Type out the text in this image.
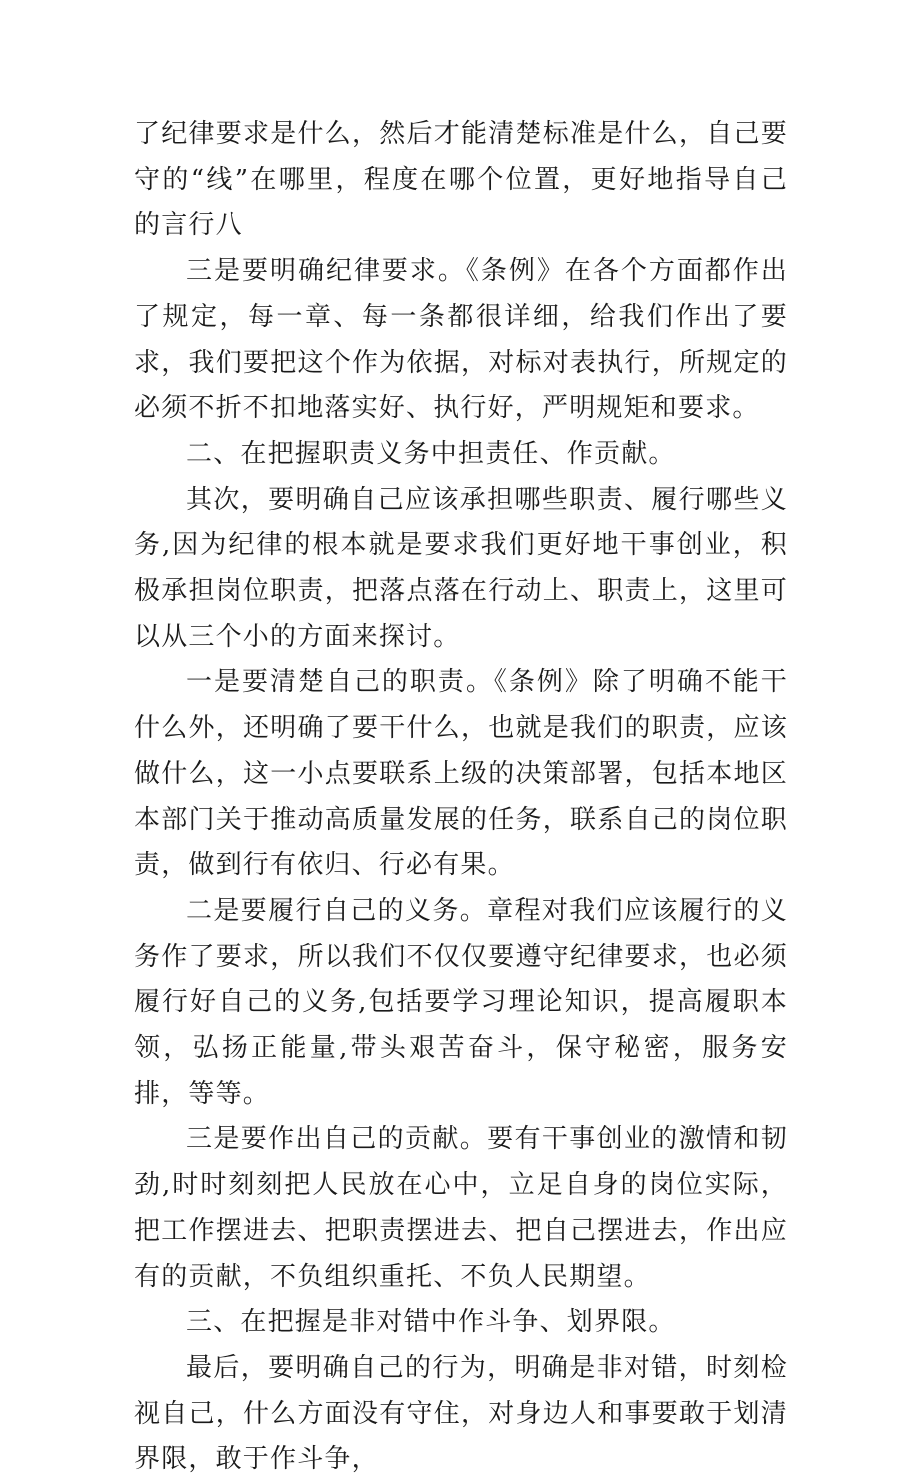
了纪律要求是什么，然后才能清楚标准是什么，自己要守的“线”在哪里，程度在哪个位置，更好地指导自己的言行八

三是要明确纪律要求。《条例》在各个方面都作出了规定，每一章、每一条都很详细，给我们作出了要求，我们要把这个作为依据，对标对表执行，所规定的必须不折不扣地落实好、执行好，严明规矩和要求。

二、在把握职责义务中担责任、作贡献。

其次，要明确自己应该承担哪些职责、履行哪些义务,因为纪律的根本就是要求我们更好地干事创业，积极承担岗位职责，把落点落在行动上、职责上，这里可以从三个小的方面来探讨。

一是要清楚自己的职责。《条例》除了明确不能干什么外，还明确了要干什么，也就是我们的职责，应该做什么，这一小点要联系上级的决策部署，包括本地区本部门关于推动高质量发展的任务，联系自己的岗位职责，做到行有依归、行必有果。

二是要履行自己的义务。章程对我们应该履行的义务作了要求，所以我们不仅仅要遵守纪律要求，也必须履行好自己的义务,包括要学习理论知识，提高履职本领，弘扬正能量,带头艰苦奋斗，保守秘密，服务安排，等等。

三是要作出自己的贡献。要有干事创业的激情和韧劲,时时刻刻把人民放在心中，立足自身的岗位实际，把工作摆进去、把职责摆进去、把自己摆进去，作出应有的贡献，不负组织重托、不负人民期望。

三、在把握是非对错中作斗争、划界限。

最后，要明确自己的行为，明确是非对错，时刻检视自己，什么方面没有守住，对身边人和事要敢于划清界限，敢于作斗争，
